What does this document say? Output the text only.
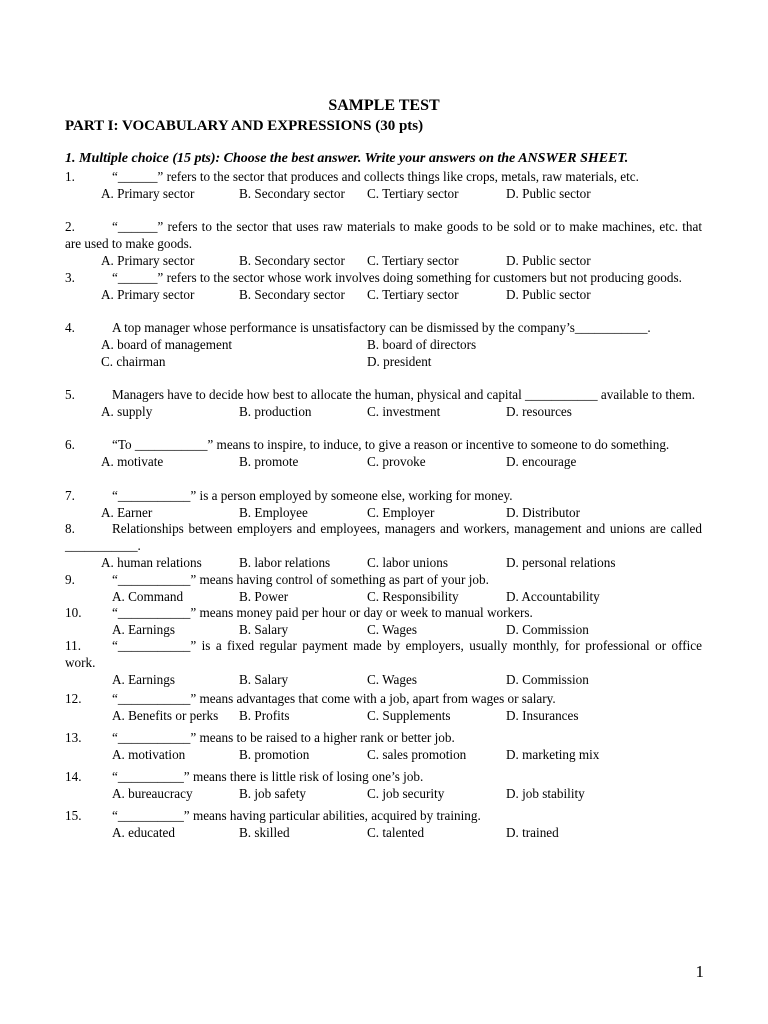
SAMPLE TEST
PART I: VOCABULARY AND EXPRESSIONS (30 pts)
1. Multiple choice (15 pts): Choose the best answer. Write your answers on the ANSWER SHEET.
1.	“______” refers to the sector that produces and collects things like crops, metals, raw materials, etc.
A. Primary sector	B. Secondary sector C. Tertiary sector	D. Public sector
2.	“______” refers to the sector that uses raw materials to make goods to be sold or to make machines, etc. that are used to make goods.
A. Primary sector	B. Secondary sector C. Tertiary sector	D. Public sector
3.	“______” refers to the sector whose work involves doing something for customers but not producing goods.
A. Primary sector	B. Secondary sector C. Tertiary sector	D. Public sector
4.	A top manager whose performance is unsatisfactory can be dismissed by the company’s___________.
A. board of management	B. board of directors
C. chairman	D. president
5.	Managers have to decide how best to allocate the human, physical and capital ___________ available to them.
A. supply	B. production	C. investment	D. resources
6.	“To ___________” means to inspire, to induce, to give a reason or incentive to someone to do something.
A. motivate	B. promote	C. provoke	D. encourage
7.	“___________” is a person employed by someone else, working for money.
A. Earner	B. Employee	C. Employer	D. Distributor
8.	Relationships between employers and employees, managers and workers, management and unions are called ___________.
A. human relations	B. labor relations	C. labor unions	D. personal relations
9.	“___________” means having control of something as part of your job.
A. Command	B. Power	C. Responsibility	D. Accountability
10. “___________” means money paid per hour or day or week to manual workers.
A. Earnings	B. Salary	C. Wages	D. Commission
11. “___________” is a fixed regular payment made by employers, usually monthly, for professional or office work.
A. Earnings	B. Salary	C. Wages	D. Commission
12. “___________” means advantages that come with a job, apart from wages or salary.
A. Benefits or perks B. Profits	C. Supplements	D. Insurances
13. “___________” means to be raised to a higher rank or better job.
A. motivation	B. promotion	C. sales promotion	D. marketing mix
14. “__________” means there is little risk of losing one’s job.
A. bureaucracy	B. job safety	C. job security	D. job stability
15. “__________” means having particular abilities, acquired by training.
A. educated	B. skilled	C. talented	D. trained
1
